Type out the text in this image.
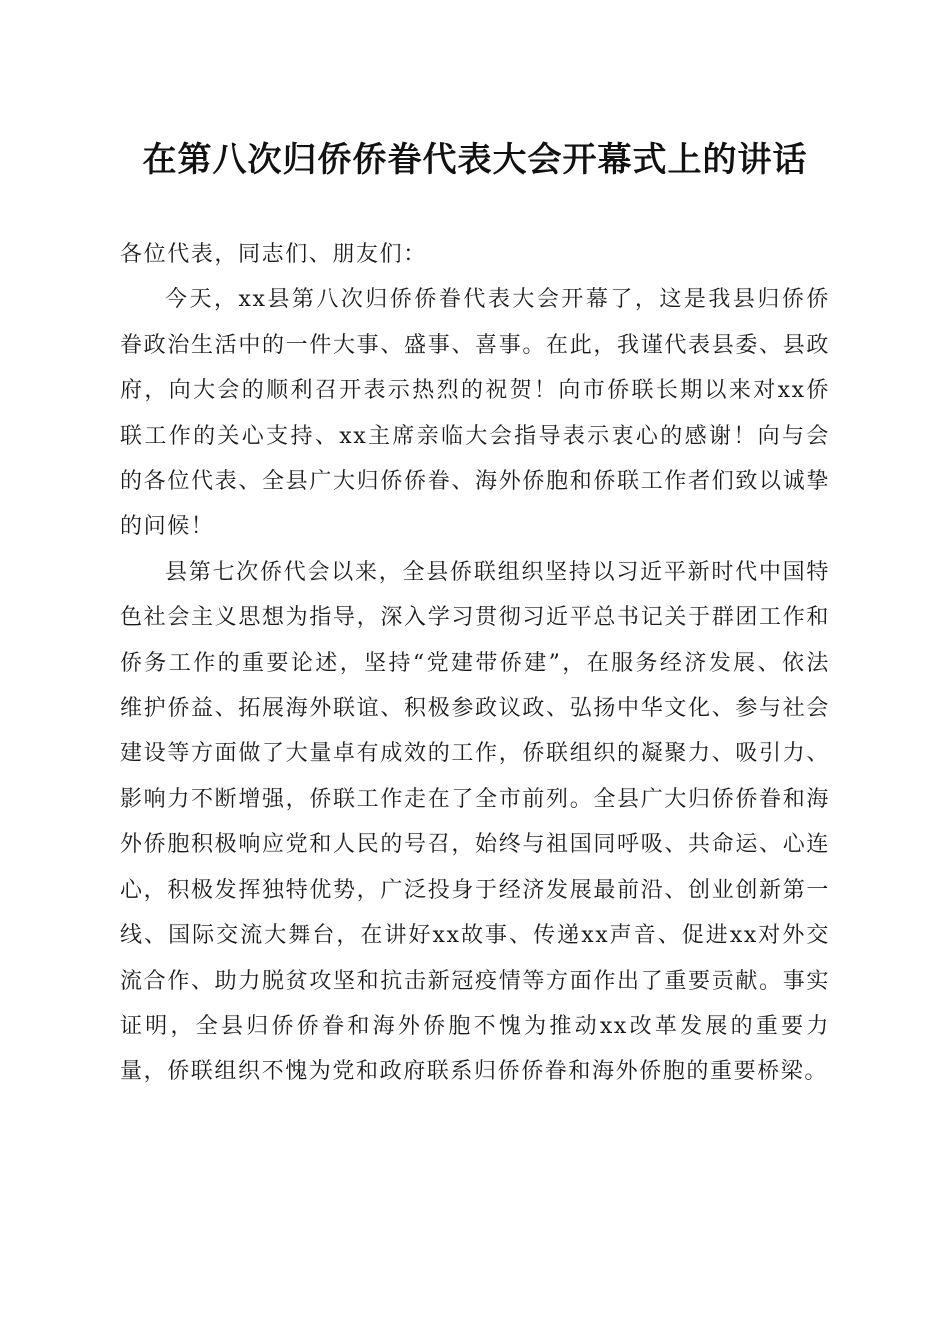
在第八次归侨侨眷代表大会开幕式上的讲话

各位代表，同志们、朋友们：

今天，xx县第八次归侨侨眷代表大会开幕了，这是我县归侨侨眷政治生活中的一件大事、盛事、喜事。在此，我谨代表县委、县政府，向大会的顺利召开表示热烈的祝贺！向市侨联长期以来对xx侨联工作的关心支持、xx主席亲临大会指导表示衷心的感谢！向与会的各位代表、全县广大归侨侨眷、海外侨胞和侨联工作者们致以诚挚的问候！

县第七次侨代会以来，全县侨联组织坚持以习近平新时代中国特色社会主义思想为指导，深入学习贯彻习近平总书记关于群团工作和侨务工作的重要论述，坚持“党建带侨建”，在服务经济发展、依法维护侨益、拓展海外联谊、积极参政议政、弘扬中华文化、参与社会建设等方面做了大量卓有成效的工作，侨联组织的凝聚力、吸引力、影响力不断增强，侨联工作走在了全市前列。全县广大归侨侨眷和海外侨胞积极响应党和人民的号召，始终与祖国同呼吸、共命运、心连心，积极发挥独特优势，广泛投身于经济发展最前沿、创业创新第一线、国际交流大舞台，在讲好xx故事、传递xx声音、促进xx对外交流合作、助力脱贫攻坚和抗击新冠疫情等方面作出了重要贡献。事实证明，全县归侨侨眷和海外侨胞不愧为推动xx改革发展的重要力量，侨联组织不愧为党和政府联系归侨侨眷和海外侨胞的重要桥梁。
